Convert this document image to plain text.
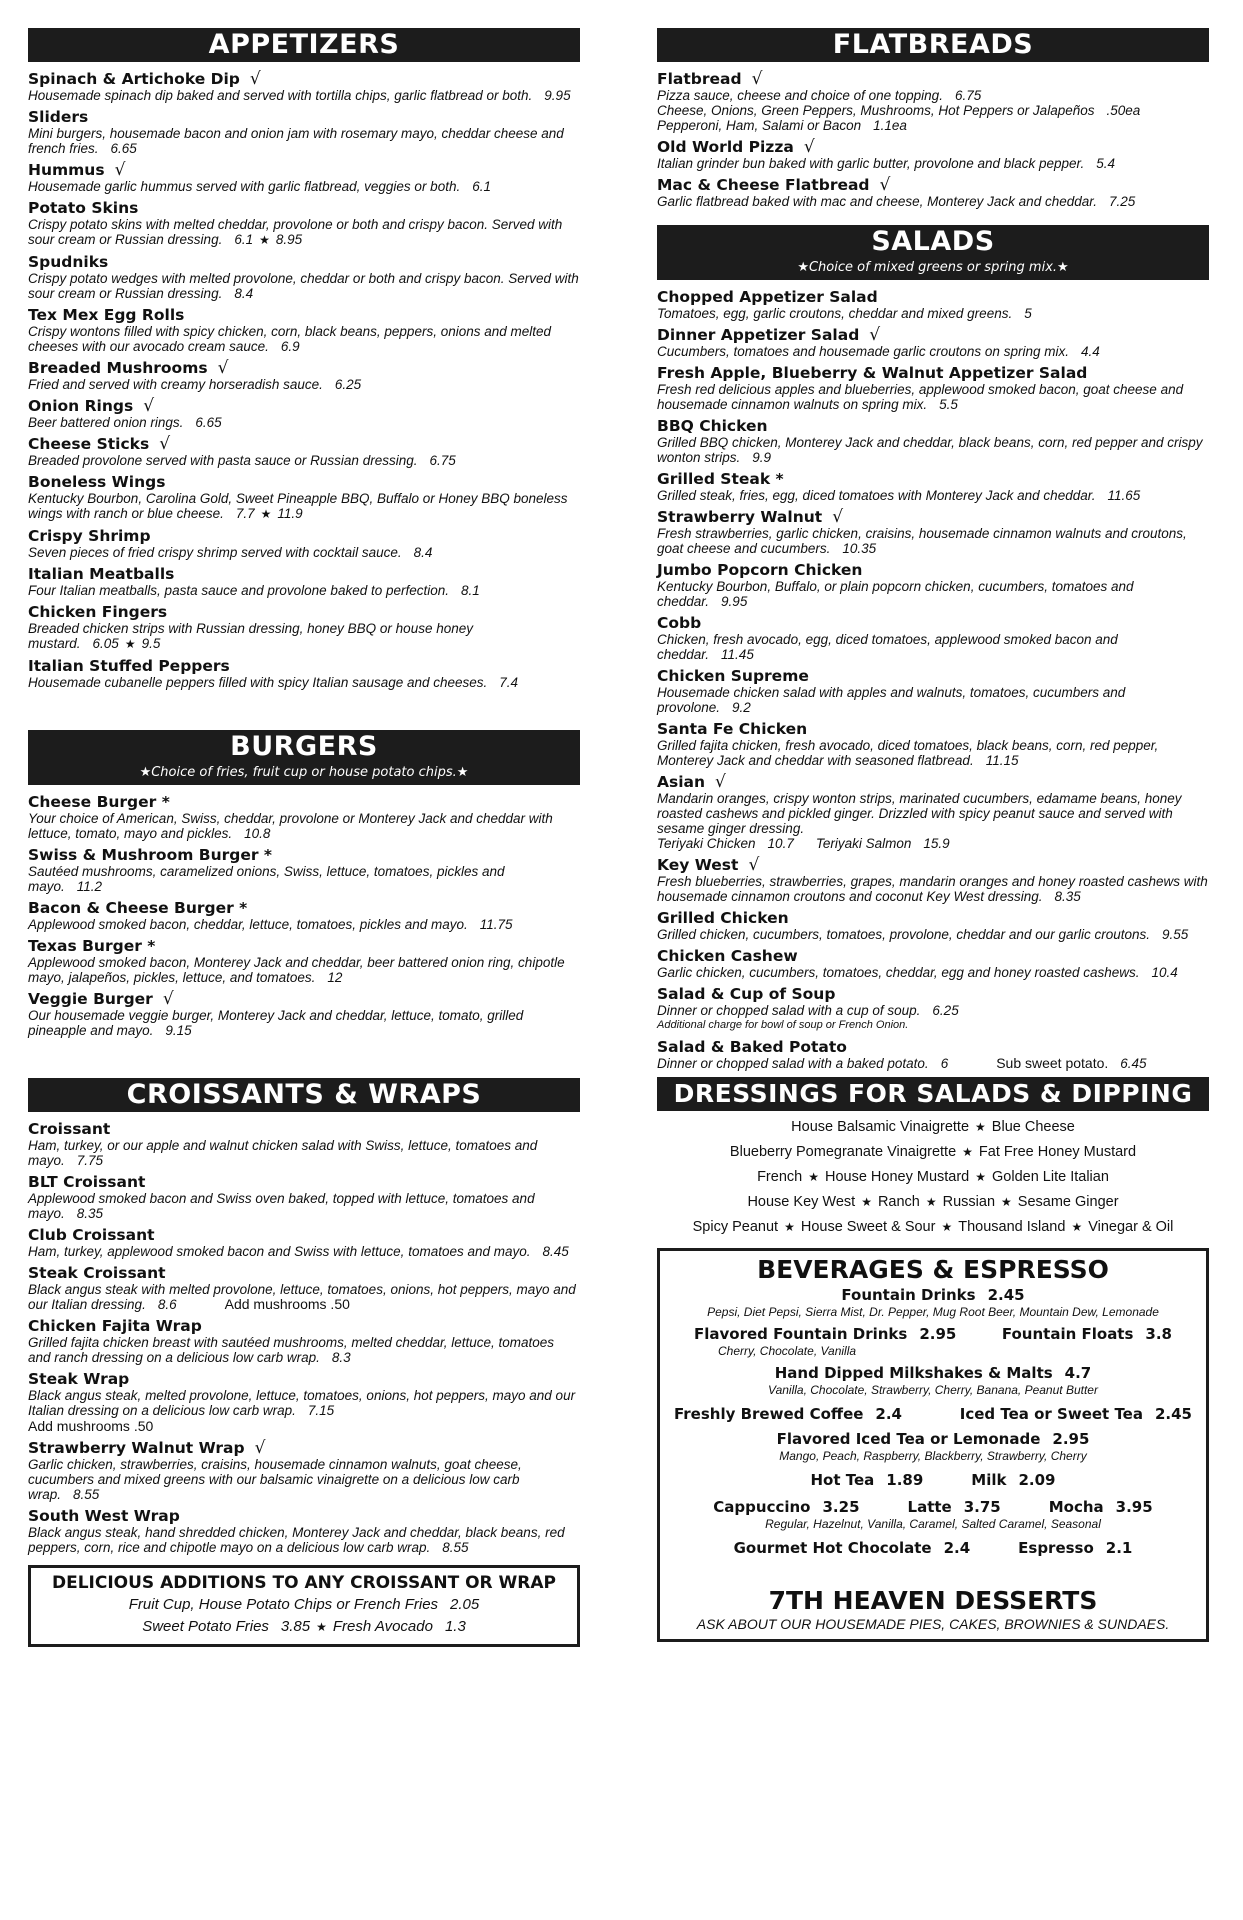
APPETIZERS
Spinach & Artichoke Dip √
Housemade spinach dip baked and served with tortilla chips, garlic flatbread or both. 9.95
Sliders
Mini burgers, housemade bacon and onion jam with rosemary mayo, cheddar cheese and french fries. 6.65
Hummus √
Housemade garlic hummus served with garlic flatbread, veggies or both. 6.1
Potato Skins
Crispy potato skins with melted cheddar, provolone or both and crispy bacon. Served with sour cream or Russian dressing. 6.1 ★ 8.95
Spudniks
Crispy potato wedges with melted provolone, cheddar or both and crispy bacon. Served with sour cream or Russian dressing. 8.4
Tex Mex Egg Rolls
Crispy wontons filled with spicy chicken, corn, black beans, peppers, onions and melted cheeses with our avocado cream sauce. 6.9
Breaded Mushrooms √
Fried and served with creamy horseradish sauce. 6.25
Onion Rings √
Beer battered onion rings. 6.65
Cheese Sticks √
Breaded provolone served with pasta sauce or Russian dressing. 6.75
Boneless Wings
Kentucky Bourbon, Carolina Gold, Sweet Pineapple BBQ, Buffalo or Honey BBQ boneless wings with ranch or blue cheese. 7.7 ★ 11.9
Crispy Shrimp
Seven pieces of fried crispy shrimp served with cocktail sauce. 8.4
Italian Meatballs
Four Italian meatballs, pasta sauce and provolone baked to perfection. 8.1
Chicken Fingers
Breaded chicken strips with Russian dressing, honey BBQ or house honey mustard. 6.05 ★ 9.5
Italian Stuffed Peppers
Housemade cubanelle peppers filled with spicy Italian sausage and cheeses. 7.4
BURGERS
★Choice of fries, fruit cup or house potato chips.★
Cheese Burger *
Your choice of American, Swiss, cheddar, provolone or Monterey Jack and cheddar with lettuce, tomato, mayo and pickles. 10.8
Swiss & Mushroom Burger *
Sautéed mushrooms, caramelized onions, Swiss, lettuce, tomatoes, pickles and mayo. 11.2
Bacon & Cheese Burger *
Applewood smoked bacon, cheddar, lettuce, tomatoes, pickles and mayo. 11.75
Texas Burger *
Applewood smoked bacon, Monterey Jack and cheddar, beer battered onion ring, chipotle mayo, jalapeños, pickles, lettuce, and tomatoes. 12
Veggie Burger √
Our housemade veggie burger, Monterey Jack and cheddar, lettuce, tomato, grilled pineapple and mayo. 9.15
CROISSANTS & WRAPS
Croissant
Ham, turkey, or our apple and walnut chicken salad with Swiss, lettuce, tomatoes and mayo. 7.75
BLT Croissant
Applewood smoked bacon and Swiss oven baked, topped with lettuce, tomatoes and mayo. 8.35
Club Croissant
Ham, turkey, applewood smoked bacon and Swiss with lettuce, tomatoes and mayo. 8.45
Steak Croissant
Black angus steak with melted provolone, lettuce, tomatoes, onions, hot peppers, mayo and our Italian dressing. 8.6	Add mushrooms .50
Chicken Fajita Wrap
Grilled fajita chicken breast with sautéed mushrooms, melted cheddar, lettuce, tomatoes and ranch dressing on a delicious low carb wrap. 8.3
Steak Wrap
Black angus steak, melted provolone, lettuce, tomatoes, onions, hot peppers, mayo and our Italian dressing on a delicious low carb wrap. 7.15
Add mushrooms .50
Strawberry Walnut Wrap √
Garlic chicken, strawberries, craisins, housemade cinnamon walnuts, goat cheese, cucumbers and mixed greens with our balsamic vinaigrette on a delicious low carb wrap. 8.55
South West Wrap
Black angus steak, hand shredded chicken, Monterey Jack and cheddar, black beans, red peppers, corn, rice and chipotle mayo on a delicious low carb wrap. 8.55
DELICIOUS ADDITIONS TO ANY CROISSANT OR WRAP
Fruit Cup, House Potato Chips or French Fries 2.05
Sweet Potato Fries 3.85 ★ Fresh Avocado 1.3
FLATBREADS
Flatbread √
Pizza sauce, cheese and choice of one topping. 6.75
Cheese, Onions, Green Peppers, Mushrooms, Hot Peppers or Jalapeños .50ea
Pepperoni, Ham, Salami or Bacon 1.1ea
Old World Pizza √
Italian grinder bun baked with garlic butter, provolone and black pepper. 5.4
Mac & Cheese Flatbread √
Garlic flatbread baked with mac and cheese, Monterey Jack and cheddar. 7.25
SALADS
★Choice of mixed greens or spring mix.★
Chopped Appetizer Salad
Tomatoes, egg, garlic croutons, cheddar and mixed greens. 5
Dinner Appetizer Salad √
Cucumbers, tomatoes and housemade garlic croutons on spring mix. 4.4
Fresh Apple, Blueberry & Walnut Appetizer Salad
Fresh red delicious apples and blueberries, applewood smoked bacon, goat cheese and housemade cinnamon walnuts on spring mix. 5.5
BBQ Chicken
Grilled BBQ chicken, Monterey Jack and cheddar, black beans, corn, red pepper and crispy wonton strips. 9.9
Grilled Steak *
Grilled steak, fries, egg, diced tomatoes with Monterey Jack and cheddar. 11.65
Strawberry Walnut √
Fresh strawberries, garlic chicken, craisins, housemade cinnamon walnuts and croutons, goat cheese and cucumbers. 10.35
Jumbo Popcorn Chicken
Kentucky Bourbon, Buffalo, or plain popcorn chicken, cucumbers, tomatoes and cheddar. 9.95
Cobb
Chicken, fresh avocado, egg, diced tomatoes, applewood smoked bacon and cheddar. 11.45
Chicken Supreme
Housemade chicken salad with apples and walnuts, tomatoes, cucumbers and provolone. 9.2
Santa Fe Chicken
Grilled fajita chicken, fresh avocado, diced tomatoes, black beans, corn, red pepper, Monterey Jack and cheddar with seasoned flatbread. 11.15
Asian √
Mandarin oranges, crispy wonton strips, marinated cucumbers, edamame beans, honey roasted cashews and pickled ginger. Drizzled with spicy peanut sauce and served with sesame ginger dressing.
Teriyaki Chicken 10.7 Teriyaki Salmon 15.9
Key West √
Fresh blueberries, strawberries, grapes, mandarin oranges and honey roasted cashews with housemade cinnamon croutons and coconut Key West dressing. 8.35
Grilled Chicken
Grilled chicken, cucumbers, tomatoes, provolone, cheddar and our garlic croutons. 9.55
Chicken Cashew
Garlic chicken, cucumbers, tomatoes, cheddar, egg and honey roasted cashews. 10.4
Salad & Cup of Soup
Dinner or chopped salad with a cup of soup. 6.25
Additional charge for bowl of soup or French Onion.
Salad & Baked Potato
Dinner or chopped salad with a baked potato. 6	Sub sweet potato. 6.45
DRESSINGS FOR SALADS & DIPPING
House Balsamic Vinaigrette ★ Blue Cheese
Blueberry Pomegranate Vinaigrette ★ Fat Free Honey Mustard
French ★ House Honey Mustard ★ Golden Lite Italian
House Key West ★ Ranch ★ Russian ★ Sesame Ginger
Spicy Peanut ★ House Sweet & Sour ★ Thousand Island ★ Vinegar & Oil
BEVERAGES & ESPRESSO
Fountain Drinks 2.45
Pepsi, Diet Pepsi, Sierra Mist, Dr. Pepper, Mug Root Beer, Mountain Dew, Lemonade
Flavored Fountain Drinks 2.95
Cherry, Chocolate, Vanilla
Fountain Floats 3.8
Hand Dipped Milkshakes & Malts 4.7
Vanilla, Chocolate, Strawberry, Cherry, Banana, Peanut Butter
Freshly Brewed Coffee 2.4	Iced Tea or Sweet Tea 2.45
Flavored Iced Tea or Lemonade 2.95
Mango, Peach, Raspberry, Blackberry, Strawberry, Cherry
Hot Tea 1.89	Milk 2.09
Cappuccino 3.25	Latte 3.75	Mocha 3.95
Regular, Hazelnut, Vanilla, Caramel, Salted Caramel, Seasonal
Gourmet Hot Chocolate 2.4	Espresso 2.1
7TH HEAVEN DESSERTS
ASK ABOUT OUR HOUSEMADE PIES, CAKES, BROWNIES & SUNDAES.
